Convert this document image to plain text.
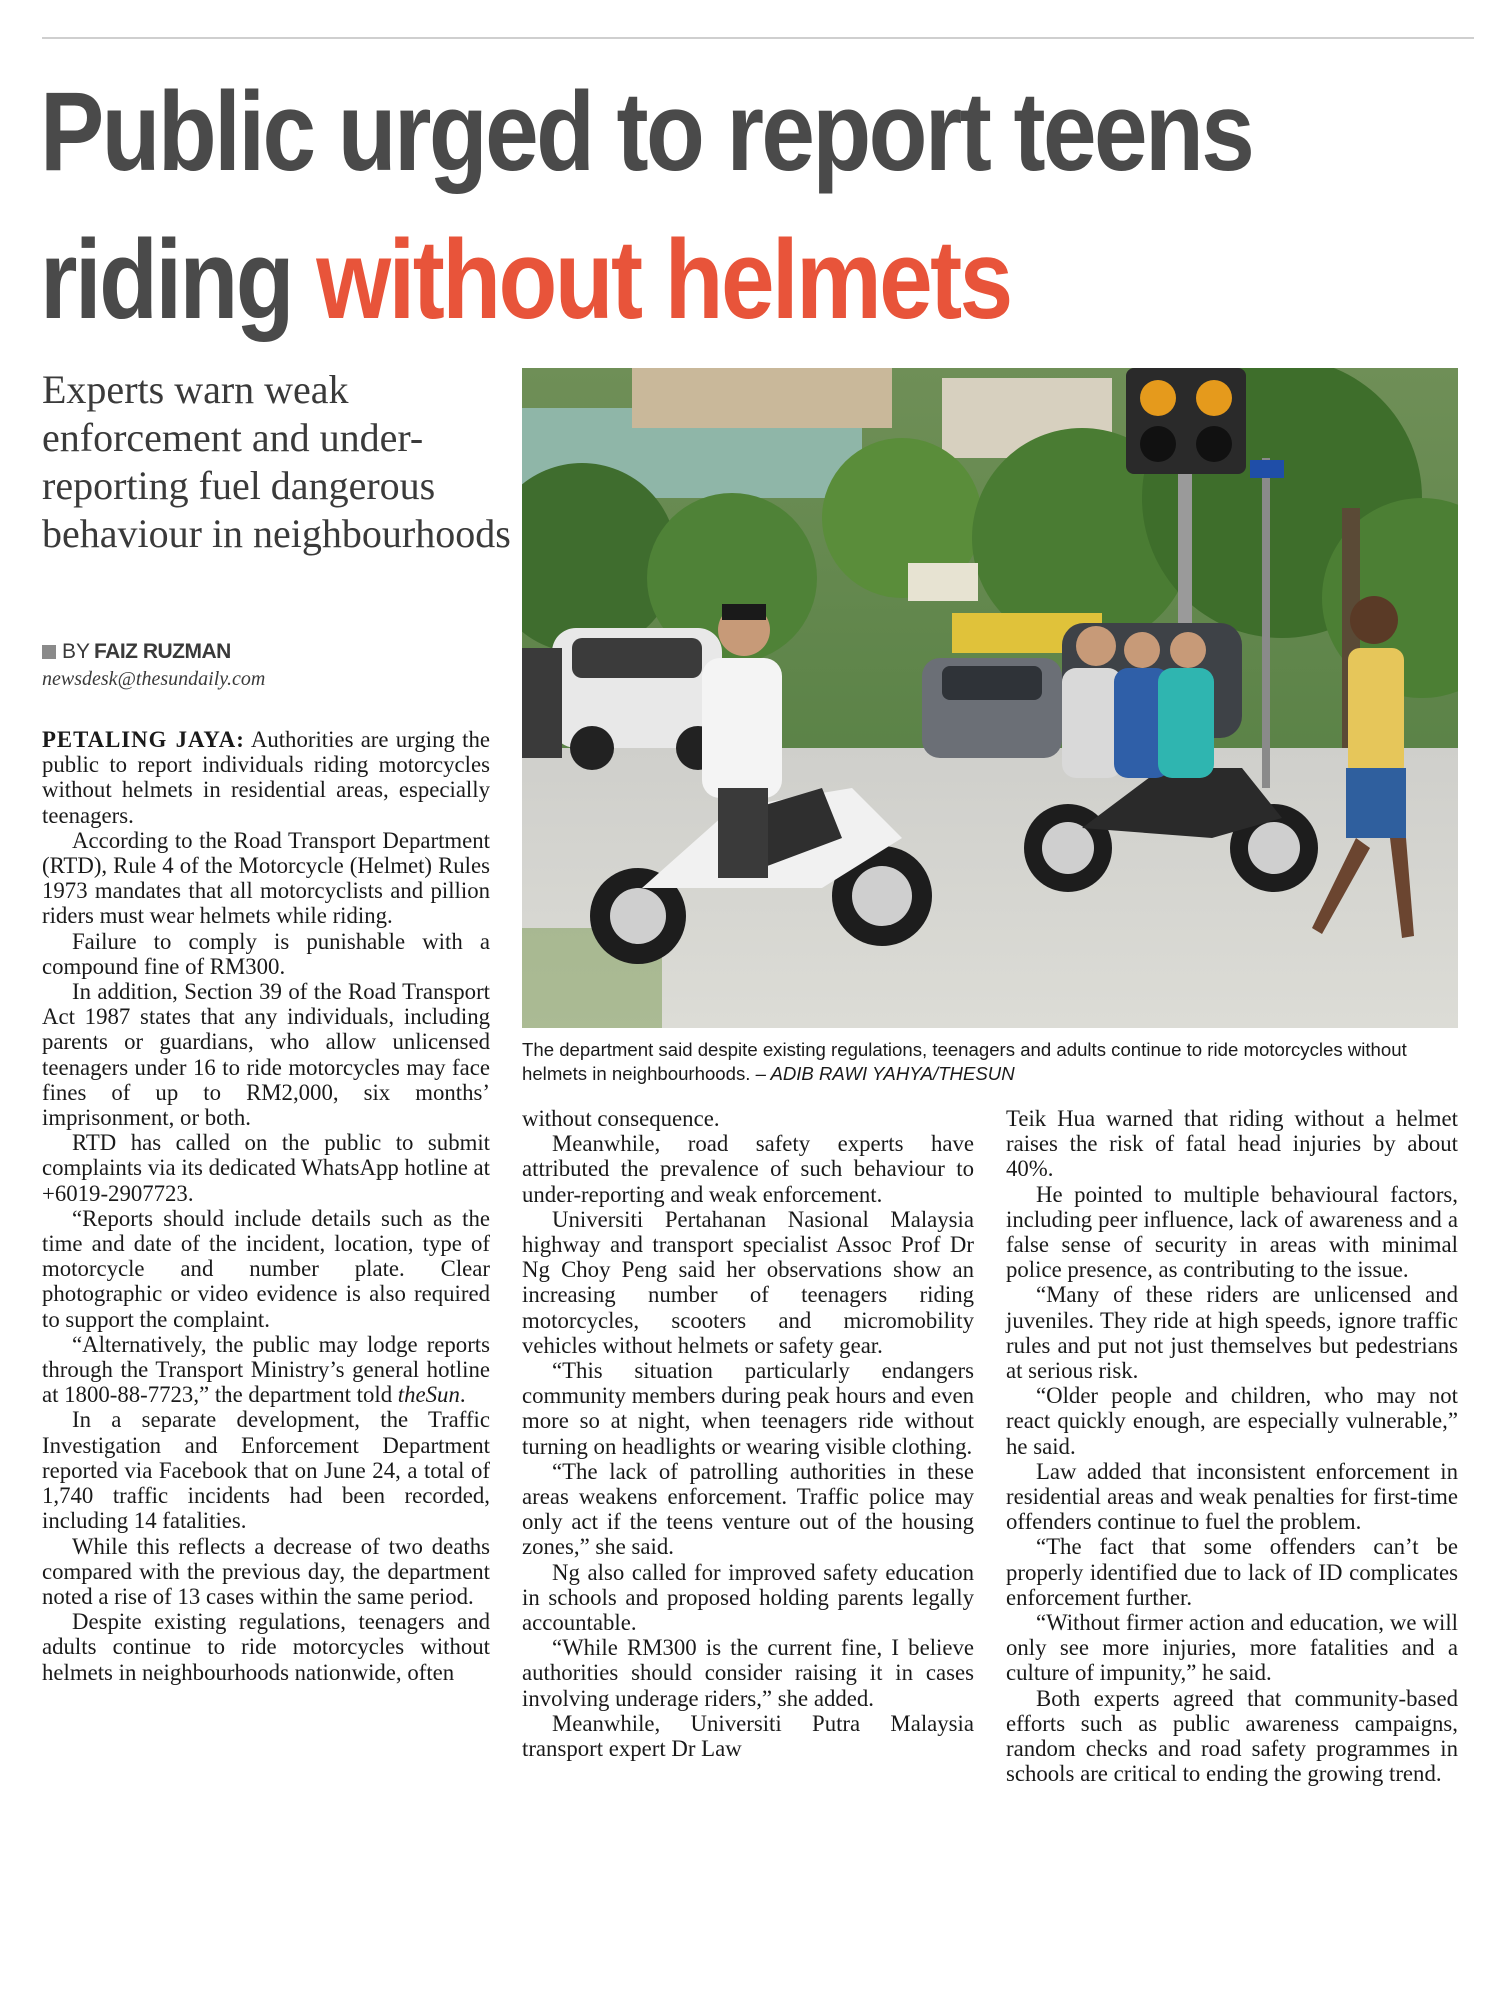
Public urged to report teens
riding without helmets

Experts warn weak enforcement and under-reporting fuel dangerous behaviour in neighbourhoods

BY FAIZ RUZMAN
newsdesk@thesundaily.com

The department said despite existing regulations, teenagers and adults continue to ride motorcycles without helmets in neighbourhoods. – ADIB RAWI YAHYA/THESUN

PETALING JAYA: Authorities are urging the public to report individuals riding motorcycles without helmets in residential areas, especially teenagers.

According to the Road Transport Department (RTD), Rule 4 of the Motorcycle (Helmet) Rules 1973 mandates that all motorcyclists and pillion riders must wear helmets while riding.

Failure to comply is punishable with a compound fine of RM300.

In addition, Section 39 of the Road Transport Act 1987 states that any individuals, including parents or guardians, who allow unlicensed teenagers under 16 to ride motorcycles may face fines of up to RM2,000, six months’ imprisonment, or both.

RTD has called on the public to submit complaints via its dedicated WhatsApp hotline at +6019-2907723.

“Reports should include details such as the time and date of the incident, location, type of motorcycle and number plate. Clear photographic or video evidence is also required to support the complaint.

“Alternatively, the public may lodge reports through the Transport Ministry’s general hotline at 1800-88-7723,” the department told theSun.

In a separate development, the Traffic Investigation and Enforcement Department reported via Facebook that on June 24, a total of 1,740 traffic incidents had been recorded, including 14 fatalities.

While this reflects a decrease of two deaths compared with the previous day, the department noted a rise of 13 cases within the same period.

Despite existing regulations, teenagers and adults continue to ride motorcycles without helmets in neighbourhoods nationwide, often

without consequence.

Meanwhile, road safety experts have attributed the prevalence of such behaviour to under-reporting and weak enforcement.

Universiti Pertahanan Nasional Malaysia highway and transport specialist Assoc Prof Dr Ng Choy Peng said her observations show an increasing number of teenagers riding motorcycles, scooters and micromobility vehicles without helmets or safety gear.

“This situation particularly endangers community members during peak hours and even more so at night, when teenagers ride without turning on headlights or wearing visible clothing.

“The lack of patrolling authorities in these areas weakens enforcement. Traffic police may only act if the teens venture out of the housing zones,” she said.

Ng also called for improved safety education in schools and proposed holding parents legally accountable.

“While RM300 is the current fine, I believe authorities should consider raising it in cases involving underage riders,” she added.

Meanwhile, Universiti Putra Malaysia transport expert Dr Law

Teik Hua warned that riding without a helmet raises the risk of fatal head injuries by about 40%.

He pointed to multiple behavioural factors, including peer influence, lack of awareness and a false sense of security in areas with minimal police presence, as contributing to the issue.

“Many of these riders are unlicensed and juveniles. They ride at high speeds, ignore traffic rules and put not just themselves but pedestrians at serious risk.

“Older people and children, who may not react quickly enough, are especially vulnerable,” he said.

Law added that inconsistent enforcement in residential areas and weak penalties for first-time offenders continue to fuel the problem.

“The fact that some offenders can’t be properly identified due to lack of ID complicates enforcement further.

“Without firmer action and education, we will only see more injuries, more fatalities and a culture of impunity,” he said.

Both experts agreed that community-based efforts such as public awareness campaigns, random checks and road safety programmes in schools are critical to ending the growing trend.
